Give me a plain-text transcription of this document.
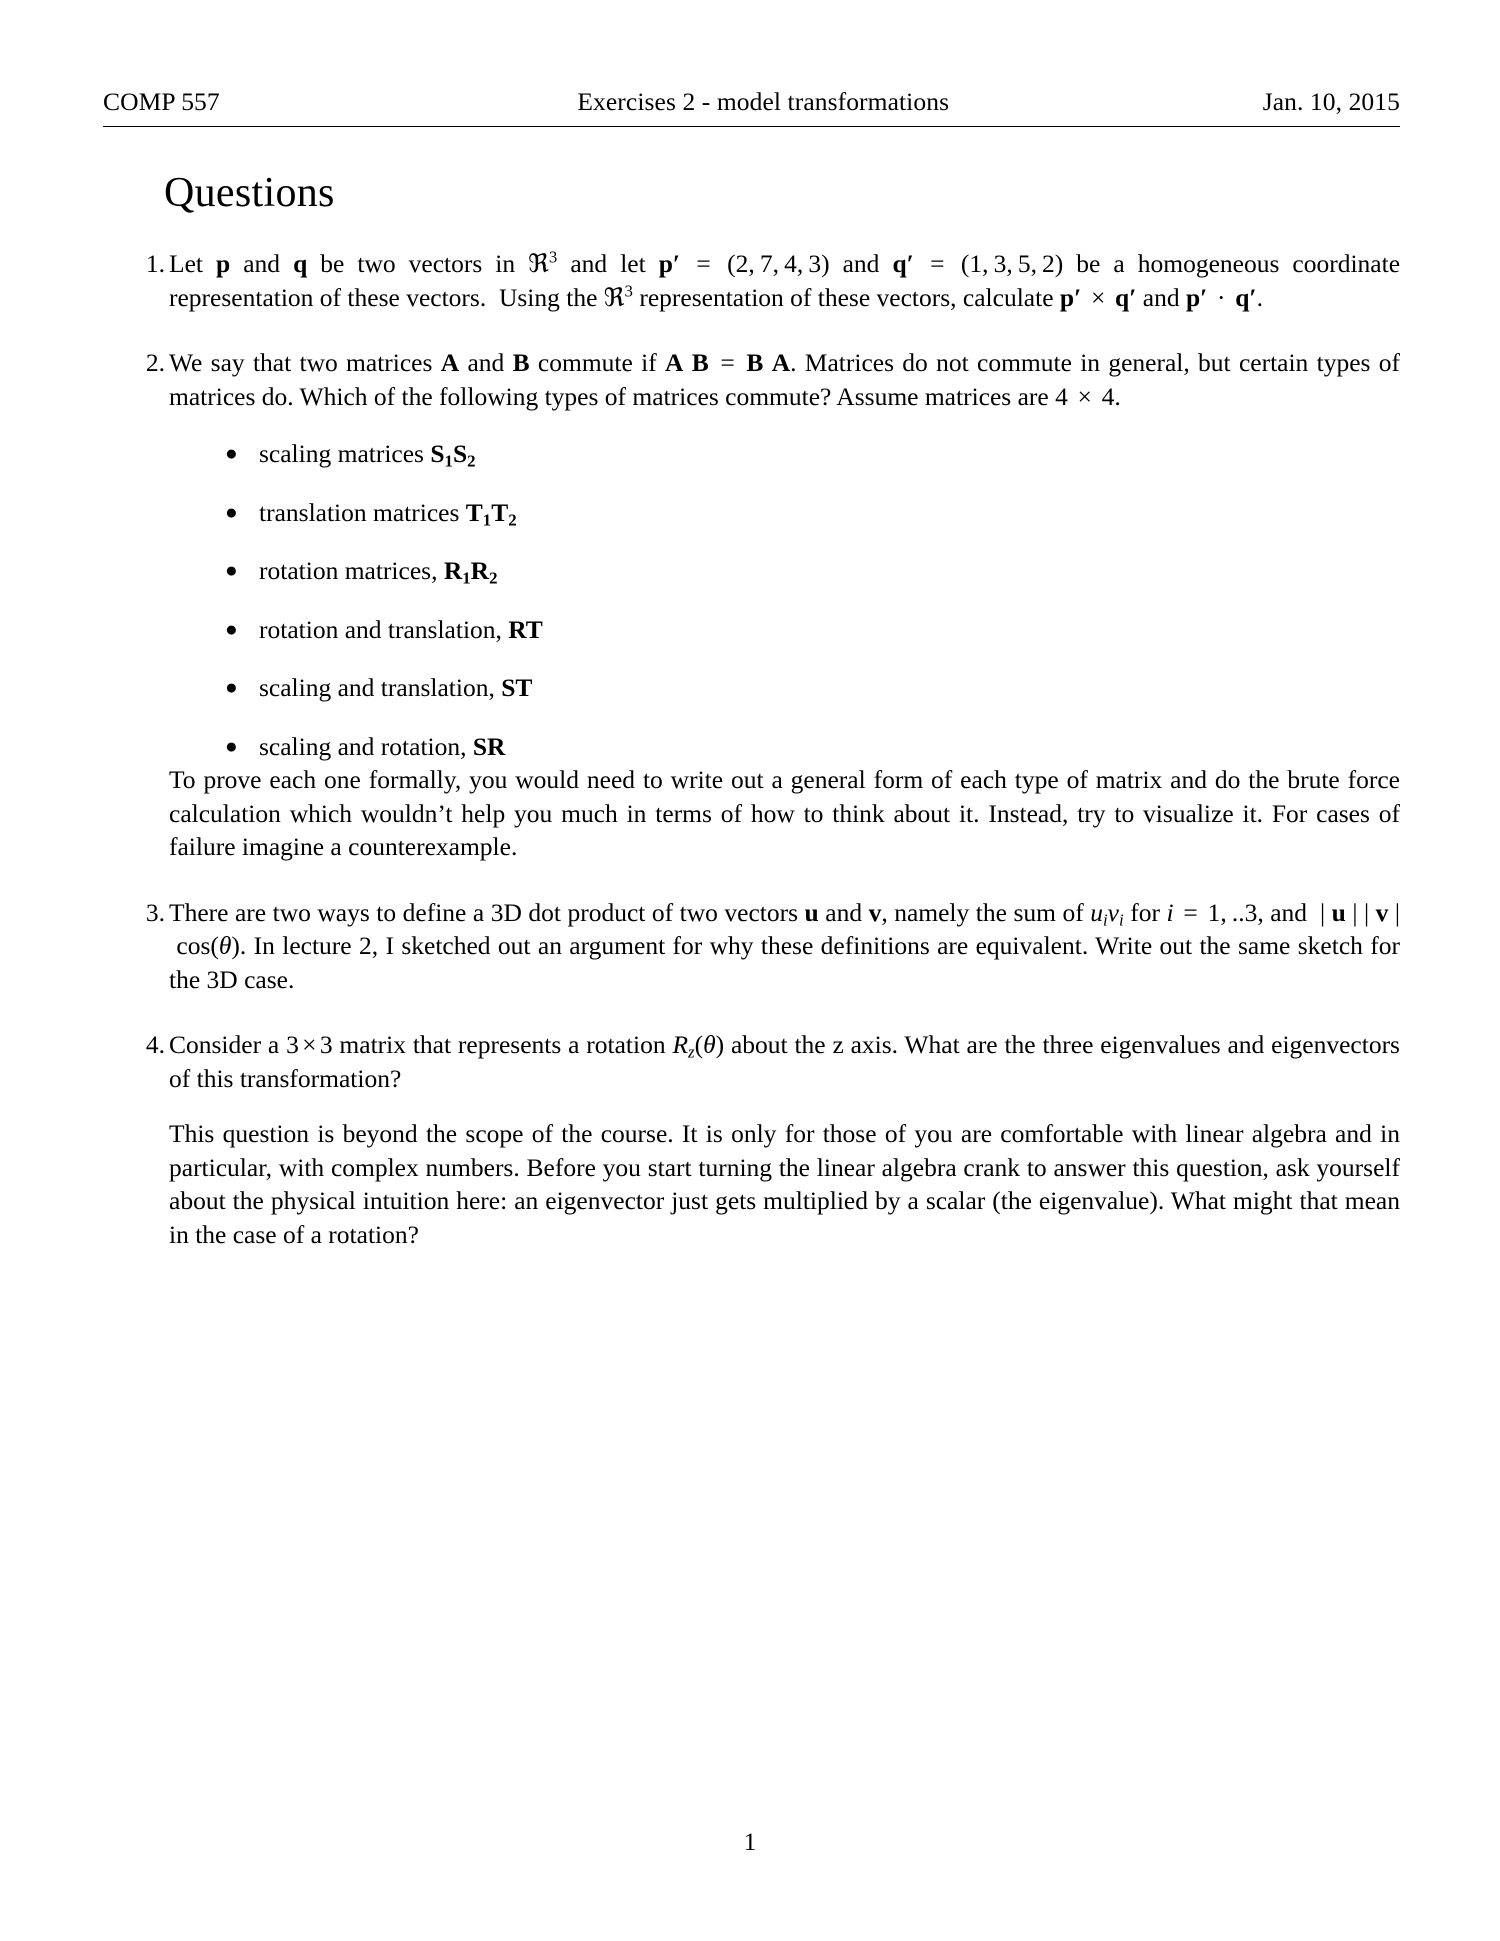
COMP 557	Exercises 2 - model transformations	Jan. 10, 2015
Questions
1. Let p and q be two vectors in ℜ$^3$ and let p′ = (2, 7, 4, 3) and q′ = (1, 3, 5, 2) be a homogeneous coordinate representation of these vectors.  Using the ℜ$^3$ representation of these vectors, calculate p′ × q′ and p′ · q′.

2. We say that two matrices A and B commute if A B = B A. Matrices do not commute in general, but certain types of matrices do. Which of the following types of matrices commute? Assume matrices are 4 × 4.

● scaling matrices $S_1S_2$
● translation matrices $T_1T_2$
● rotation matrices, $R_1R_2$
● rotation and translation, RT
● scaling and translation, ST
● scaling and rotation, SR

To prove each one formally, you would need to write out a general form of each type of matrix and do the brute force calculation which wouldn’t help you much in terms of how to think about it. Instead, try to visualize it. For cases of failure imagine a counterexample.

3. There are two ways to define a 3D dot product of two vectors u and v, namely the sum of $u_iv_i$ for i = 1, ..3, and  | u | | v |  cos(θ). In lecture 2, I sketched out an argument for why these definitions are equivalent. Write out the same sketch for the 3D case.

4. Consider a 3 × 3 matrix that represents a rotation $R_z(\theta)$ about the z axis. What are the three eigenvalues and eigenvectors of this transformation?

This question is beyond the scope of the course. It is only for those of you are comfortable with linear algebra and in particular, with complex numbers. Before you start turning the linear algebra crank to answer this question, ask yourself about the physical intuition here: an eigenvector just gets multiplied by a scalar (the eigenvalue). What might that mean in the case of a rotation?

1
